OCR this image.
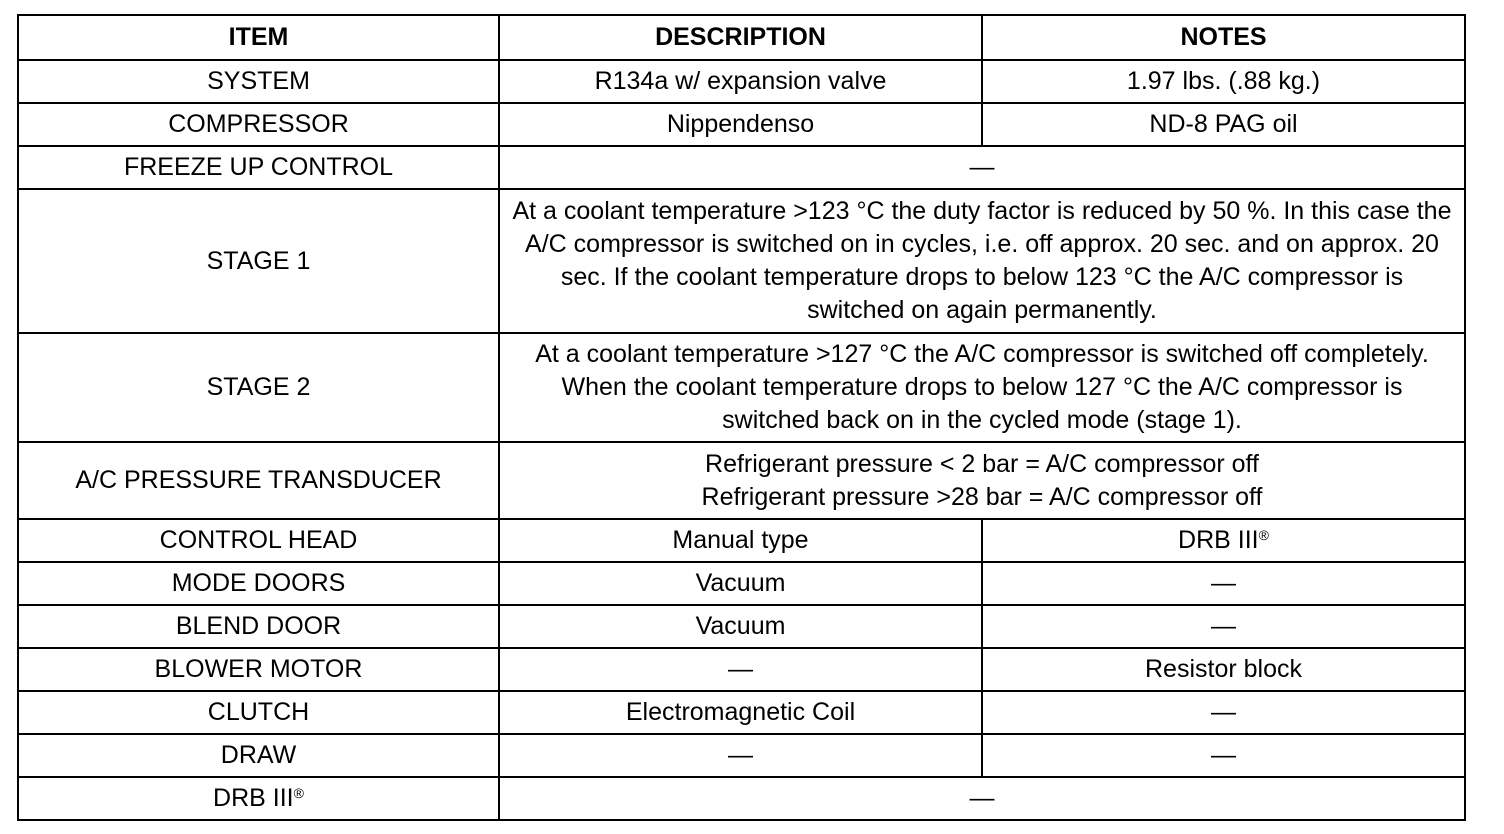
ITEM	DESCRIPTION	NOTES
SYSTEM	R134a w/ expansion valve	1.97 lbs. (.88 kg.)
COMPRESSOR	Nippendenso	ND-8 PAG oil
FREEZE UP CONTROL	—	
STAGE 1	At a coolant temperature >123 °C the duty factor is reduced by 50 %. In this case the A/C compressor is switched on in cycles, i.e. off approx. 20 sec. and on approx. 20 sec. If the coolant temperature drops to below 123 °C the A/C compressor is switched on again permanently.	
STAGE 2	At a coolant temperature >127 °C the A/C compressor is switched off completely. When the coolant temperature drops to below 127 °C the A/C compressor is switched back on in the cycled mode (stage 1).	
A/C PRESSURE TRANSDUCER	Refrigerant pressure < 2 bar = A/C compressor off
Refrigerant pressure >28 bar = A/C compressor off	
CONTROL HEAD	Manual type	DRB III®
MODE DOORS	Vacuum	—
BLEND DOOR	Vacuum	—
BLOWER MOTOR	—	Resistor block
CLUTCH	Electromagnetic Coil	—
DRAW	—	—
DRB III®	—	
